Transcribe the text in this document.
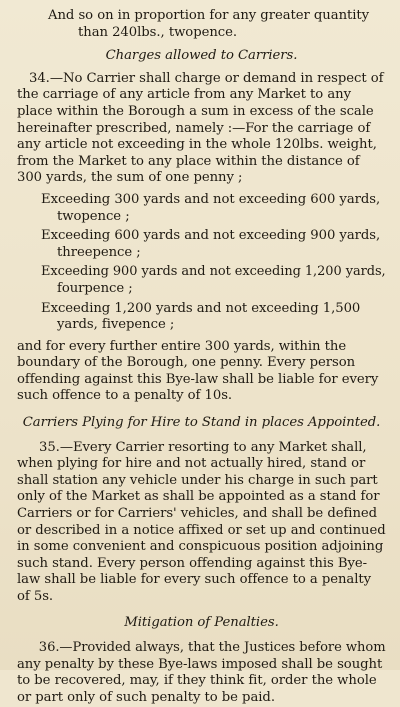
And so on in proportion for any greater quantity
than 240lbs., twopence.

Charges allowed to Carriers.

34.—No Carrier shall charge or demand in respect of
the carriage of any article from any Market to any
place within the Borough a sum in excess of the scale
hereinafter prescribed, namely :—For the carriage of
any article not exceeding in the whole 120lbs. weight,
from the Market to any place within the distance of
300 yards, the sum of one penny ;

Exceeding 300 yards and not exceeding 600 yards,
twopence ;

Exceeding 600 yards and not exceeding 900 yards,
threepence ;

Exceeding 900 yards and not exceeding 1,200 yards,
fourpence ;

Exceeding 1,200 yards and not exceeding 1,500
yards, fivepence ;

and for every further entire 300 yards, within the
boundary of the Borough, one penny. Every person
offending against this Bye-law shall be liable for every
such offence to a penalty of 10s.

Carriers Plying for Hire to Stand in places Appointed.

35.—Every Carrier resorting to any Market shall,
when plying for hire and not actually hired, stand or
shall station any vehicle under his charge in such part
only of the Market as shall be appointed as a stand for
Carriers or for Carriers' vehicles, and shall be defined
or described in a notice affixed or set up and continued
in some convenient and conspicuous position adjoining
such stand. Every person offending against this Bye-
law shall be liable for every such offence to a penalty
of 5s.

Mitigation of Penalties.

36.—Provided always, that the Justices before whom
any penalty by these Bye-laws imposed shall be sought
to be recovered, may, if they think fit, order the whole
or part only of such penalty to be paid.
